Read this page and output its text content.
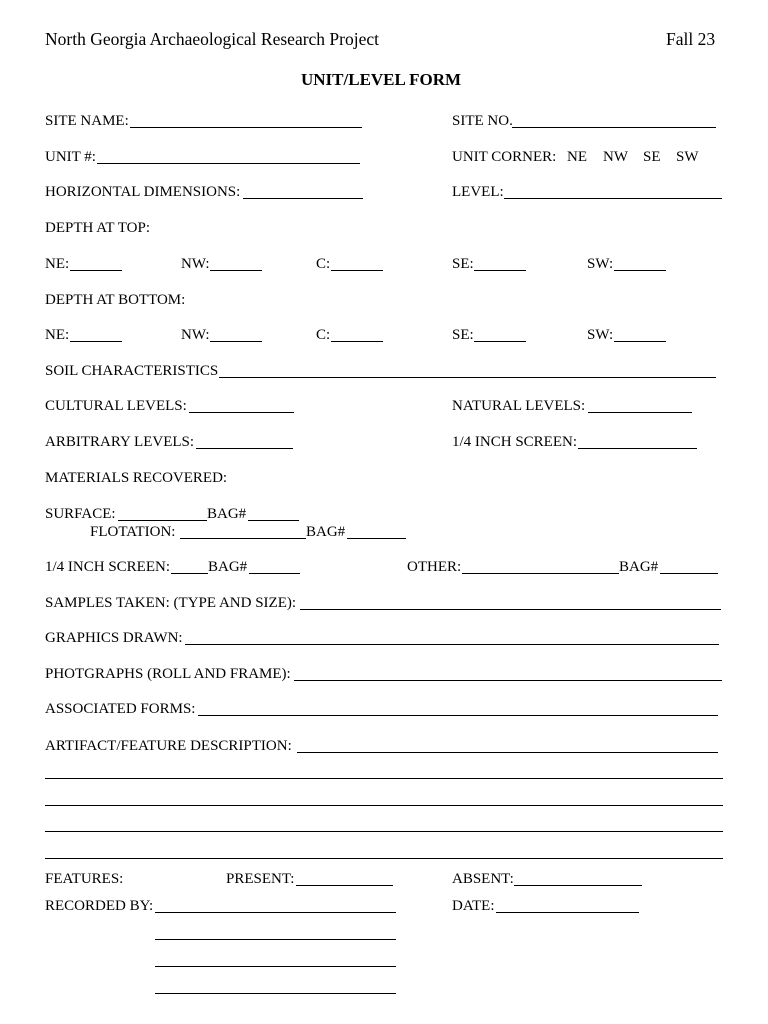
North Georgia Archaeological Research Project	Fall 23
UNIT/LEVEL FORM
SITE NAME:	SITE NO.
UNIT #:	UNIT CORNER: NE NW SE SW
HORIZONTAL DIMENSIONS:	LEVEL:
DEPTH AT TOP:
NE:	NW:	C:	SE:	SW:
DEPTH AT BOTTOM:
NE:	NW:	C:	SE:	SW:
SOIL CHARACTERISTICS
CULTURAL LEVELS:	NATURAL LEVELS:
ARBITRARY LEVELS:	1/4 INCH SCREEN:
MATERIALS RECOVERED:
SURFACE:	BAG#
FLOTATION:	BAG#
1/4 INCH SCREEN:	BAG#	OTHER:	BAG#
SAMPLES TAKEN: (TYPE AND SIZE):
GRAPHICS DRAWN:
PHOTGRAPHS (ROLL AND FRAME):
ASSOCIATED FORMS:
ARTIFACT/FEATURE DESCRIPTION:
FEATURES:	PRESENT:	ABSENT:
RECORDED BY:	DATE:
